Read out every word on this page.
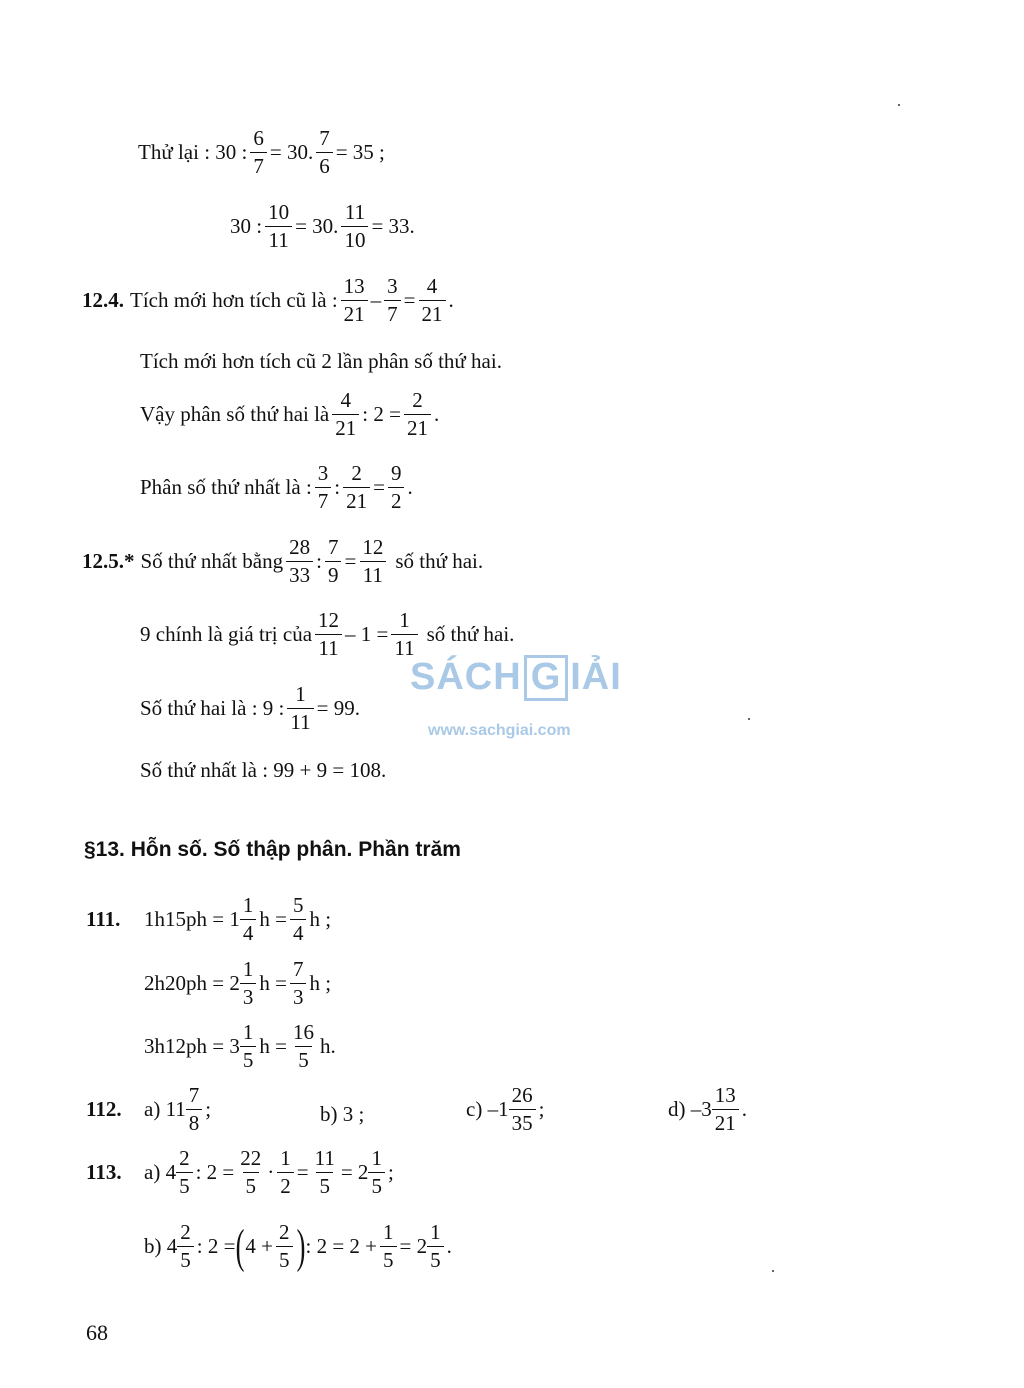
Thử lại : 30 : $\frac{6}{7} = 30$. $\frac{7}{6} = 35$ ;
30 : $\frac{10}{11} = 30$. $\frac{11}{10} = 33$.
12.4. Tích mới hơn tích cũ là : $\frac{13}{21} - \frac{3}{7} = \frac{4}{21}$ .
Tích mới hơn tích cũ 2 lần phân số thứ hai.
Vậy phân số thứ hai là $\frac{4}{21}$ : $2 = \frac{2}{21}$ .
Phân số thứ nhất là : $\frac{3}{7}$ : $\frac{2}{21} = \frac{9}{2}$ .
12.5.* Số thứ nhất bằng $\frac{28}{33}$ : $\frac{7}{9} = \frac{12}{11}$ số thứ hai.
9 chính là giá trị của $\frac{12}{11} - 1 = \frac{1}{11}$ số thứ hai.
Số thứ hai là : 9 : $\frac{1}{11} = 99$.
Số thứ nhất là : 99 + 9 = 108.
SÁCH G IẢI
www.sachgiai.com
§13. Hỗn số. Số thập phân. Phần trăm
111.	$1h15ph = 1 \frac{1}{4}$ $h = \frac{5}{4}$ h ;
$2h20ph = 2 \frac{1}{3}$ $h = \frac{7}{3}$ h ;
$3h12ph = 3 \frac{1}{5}$ $h = \frac{16}{5} h$.
112.	a) $11 \frac{7}{8}$ ;	b) 3 ;	c) $-1 \frac{26}{35}$ ;	d) $-3 \frac{13}{21}$ .
113.	a) $4 \frac{2}{5}$ : $2 = \frac{22}{5} \cdot \frac{1}{2} = \frac{11}{5} = 2 \frac{1}{5}$ ;
b) $4 \frac{2}{5}$ : 2 = ( $4 + \frac{2}{5}$ ) : $2 = 2 + \frac{1}{5} = 2 \frac{1}{5}$ .
68
